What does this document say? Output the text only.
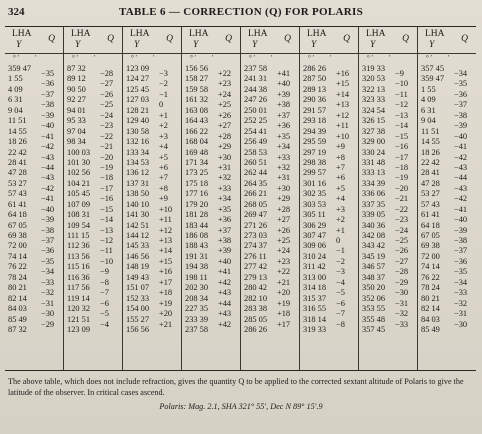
324	TABLE 6 — CORRECTION (Q) FOR POLARIS
LHA Q
Υ
° ′ ′
359 47
−35
1 55
−36
4 09
−37
6 31
−38
9 04
−39
11 51
−40
14 55
−41
18 26
−42
22 42
−43
28 41
−44
47 28
−43
53 27
−42
57 43
−41
61 41
−40
64 18
−39
67 05
−38
69 38
−37
72 00
−36
74 14
−35
76 22
−34
78 24
−33
80 21
−32
82 14
−31
84 03
−30
85 49
−29
87 32
LHA Q
Υ
° ′ ′
87 32
−28
89 12
−27
90 50
−26
92 27
−25
94 01
−24
95 33
−23
97 04
−22
98 34
−21
100 03
−20
101 30
−19
102 56
−18
104 21
−17
105 45
−16
107 09
−15
108 31
−14
109 54
−13
111 15
−12
112 36
−11
113 56
−10
115 16
−9
116 36
−8
117 56
−7
119 14
−6
120 32
−5
121 51
−4
123 09
LHA Q
Υ
° ′ ′
123 09
−3
124 27
−2
125 45
−1
127 03
0
128 21
+1
129 40
+2
130 58
+3
132 16
+4
133 34
+5
134 53
+6
136 12
+7
137 31
+8
138 50
+9
140 10
+10
141 30
+11
142 51
+12
144 12
+13
145 33
+14
146 56
+15
148 19
+16
149 43
+17
151 07
+18
152 33
+19
154 00
+20
155 27
+21
156 56
LHA Q
Υ
° ′ ′
156 56
+22
158 27
+23
159 58
+24
161 32
+25
163 08
+26
164 43
+27
166 22
+28
168 04
+29
169 48
+30
171 34
+31
173 25
+32
175 18
+33
177 16
+34
179 20
+35
181 28
+36
183 44
+37
186 08
+38
188 43
+39
191 31
+40
194 38
+41
198 11
+42
202 30
+43
208 34
+44
227 35
+43
233 39
+42
237 58
LHA Q
Υ
° ′ ′
237 58
+41
241 31
+40
244 38
+39
247 26
+38
250 01
+37
252 25
+36
254 41
+35
256 49
+34
258 53
+33
260 51
+32
262 44
+31
264 35
+30
266 21
+29
268 05
+28
269 47
+27
271 26
+26
273 03
+25
274 37
+24
276 11
+23
277 42
+22
279 13
+21
280 42
+20
282 10
+19
283 38
+18
285 05
+17
286 26
LHA Q
Υ
° ′ ′
286 26
+16
287 50
+15
289 13
+14
290 36
+13
291 57
+12
293 18
+11
294 39
+10
295 59
+9
297 19
+8
298 38
+7
299 57
+6
301 16
+5
302 35
+4
303 53
+3
305 11
+2
306 29
+1
307 47
0
309 06
−1
310 24
−2
311 42
−3
313 00
−4
314 18
−5
315 37
−6
316 55
−7
318 14
−8
319 33
LHA Q
Υ
° ′ ′
319 33
−9
320 53
−10
322 13
−11
323 33
−12
324 54
−13
326 15
−14
327 38
−15
329 00
−16
330 24
−17
331 48
−18
333 13
−19
334 39
−20
336 06
−21
337 35
−22
339 05
−23
340 36
−24
342 08
−25
343 42
−26
345 19
−27
346 57
−28
348 37
−29
350 20
−30
352 06
−31
353 55
−32
355 48
−33
357 45
LHA Q
Υ
° ′ ′
357 45
−34
359 47
−35
1 55
−36
4 09
−37
6 31
−38
9 04
−39
11 51
−40
14 55
−41
18 26
−42
22 42
−43
28 41
−44
47 28
−43
53 27
−42
57 43
−41
61 41
−40
64 18
−39
67 05
−38
69 38
−37
72 00
−36
74 14
−35
76 22
−34
78 24
−33
80 21
−32
82 14
−31
84 03
−30
85 49
The above table, which does not include refraction, gives the quantity Q to be applied to the corrected sextant altitude of Polaris to give the latitude of the observer. In critical cases ascend.
Polaris: Mag. 2.1, SHA 321° 55′, Dec N 89° 15′.9
